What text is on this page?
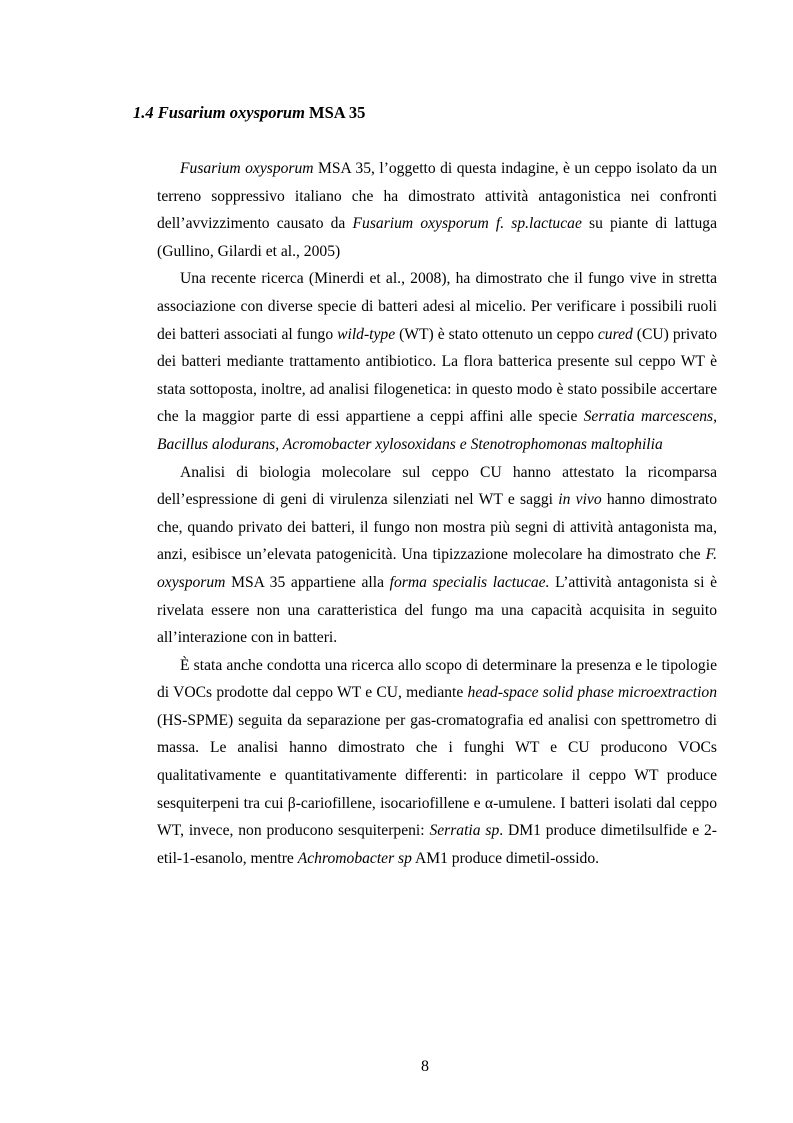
1.4 Fusarium oxysporum MSA 35

Fusarium oxysporum MSA 35, l’oggetto di questa indagine, è un ceppo isolato da un terreno soppressivo italiano che ha dimostrato attività antagonistica nei confronti dell’avvizzimento causato da Fusarium oxysporum f. sp.lactucae su piante di lattuga (Gullino, Gilardi et al., 2005)

Una recente ricerca (Minerdi et al., 2008), ha dimostrato che il fungo vive in stretta associazione con diverse specie di batteri adesi al micelio. Per verificare i possibili ruoli dei batteri associati al fungo wild-type (WT) è stato ottenuto un ceppo cured (CU) privato dei batteri mediante trattamento antibiotico. La flora batterica presente sul ceppo WT è stata sottoposta, inoltre, ad analisi filogenetica: in questo modo è stato possibile accertare che la maggior parte di essi appartiene a ceppi affini alle specie Serratia marcescens, Bacillus alodurans, Acromobacter xylosoxidans e Stenotrophomonas maltophilia

Analisi di biologia molecolare sul ceppo CU hanno attestato la ricomparsa dell’espressione di geni di virulenza silenziati nel WT e saggi in vivo hanno dimostrato che, quando privato dei batteri, il fungo non mostra più segni di attività antagonista ma, anzi, esibisce un’elevata patogenicità. Una tipizzazione molecolare ha dimostrato che F. oxysporum MSA 35 appartiene alla forma specialis lactucae. L’attività antagonista si è rivelata essere non una caratteristica del fungo ma una capacità acquisita in seguito all’interazione con in batteri.

È stata anche condotta una ricerca allo scopo di determinare la presenza e le tipologie di VOCs prodotte dal ceppo WT e CU, mediante head-space solid phase microextraction (HS-SPME) seguita da separazione per gas-cromatografia ed analisi con spettrometro di massa. Le analisi hanno dimostrato che i funghi WT e CU producono VOCs qualitativamente e quantitativamente differenti: in particolare il ceppo WT produce sesquiterpeni tra cui β-cariofillene, isocariofillene e α-umulene. I batteri isolati dal ceppo WT, invece, non producono sesquiterpeni: Serratia sp. DM1 produce dimetilsulfide e 2-etil-1-esanolo, mentre Achromobacter sp AM1 produce dimetil-ossido.

8
